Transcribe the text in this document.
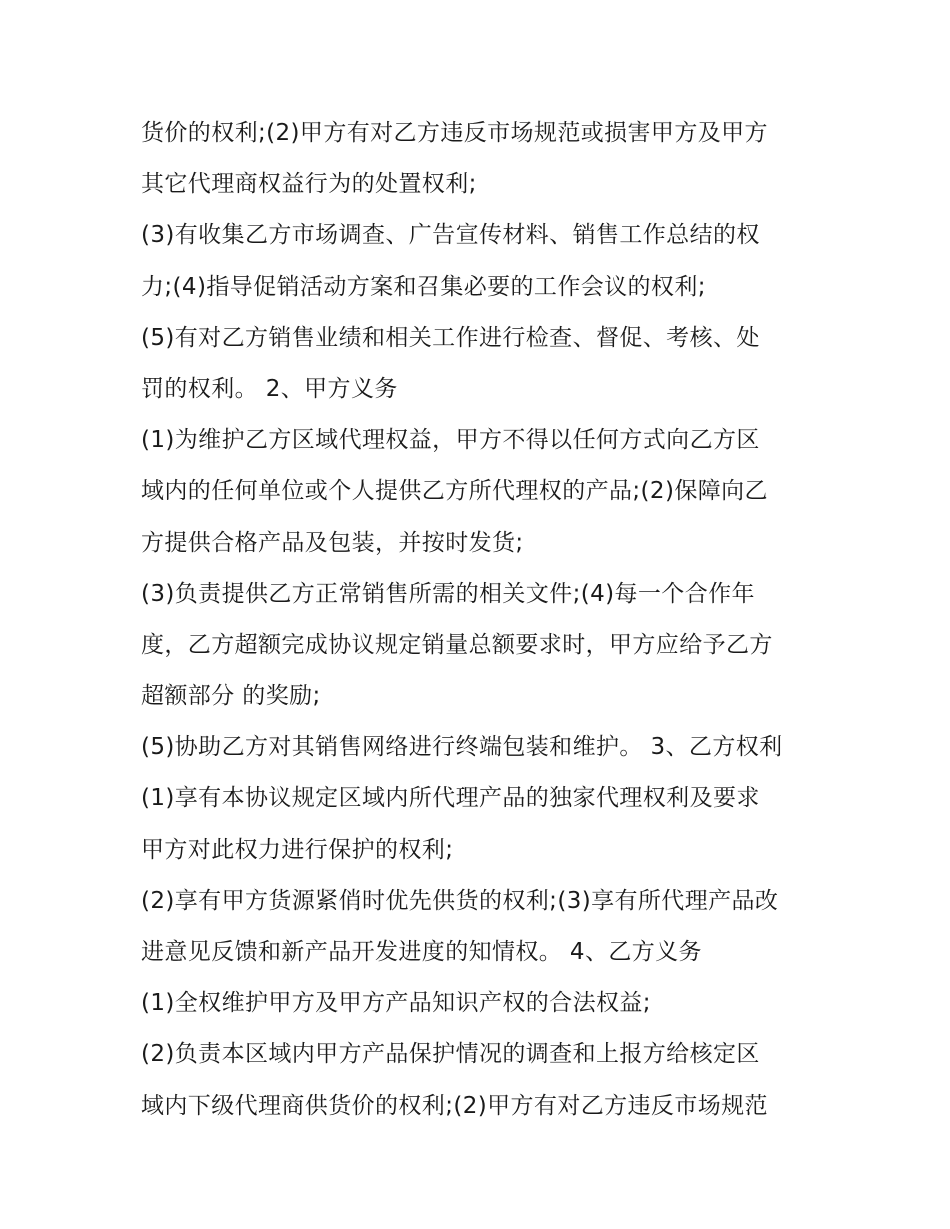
货价的权利;(2)甲方有对乙方违反市场规范或损害甲方及甲方
其它代理商权益行为的处置权利;
(3)有收集乙方市场调查、广告宣传材料、销售工作总结的权
力;(4)指导促销活动方案和召集必要的工作会议的权利;
(5)有对乙方销售业绩和相关工作进行检查、督促、考核、处
罚的权利。 2、甲方义务
(1)为维护乙方区域代理权益，甲方不得以任何方式向乙方区
域内的任何单位或个人提供乙方所代理权的产品;(2)保障向乙
方提供合格产品及包装，并按时发货;
(3)负责提供乙方正常销售所需的相关文件;(4)每一个合作年
度，乙方超额完成协议规定销量总额要求时，甲方应给予乙方
超额部分 的奖励;
(5)协助乙方对其销售网络进行终端包装和维护。 3、乙方权利
(1)享有本协议规定区域内所代理产品的独家代理权利及要求
甲方对此权力进行保护的权利;
(2)享有甲方货源紧俏时优先供货的权利;(3)享有所代理产品改
进意见反馈和新产品开发进度的知情权。 4、乙方义务
(1)全权维护甲方及甲方产品知识产权的合法权益;
(2)负责本区域内甲方产品保护情况的调查和上报方给核定区
域内下级代理商供货价的权利;(2)甲方有对乙方违反市场规范
